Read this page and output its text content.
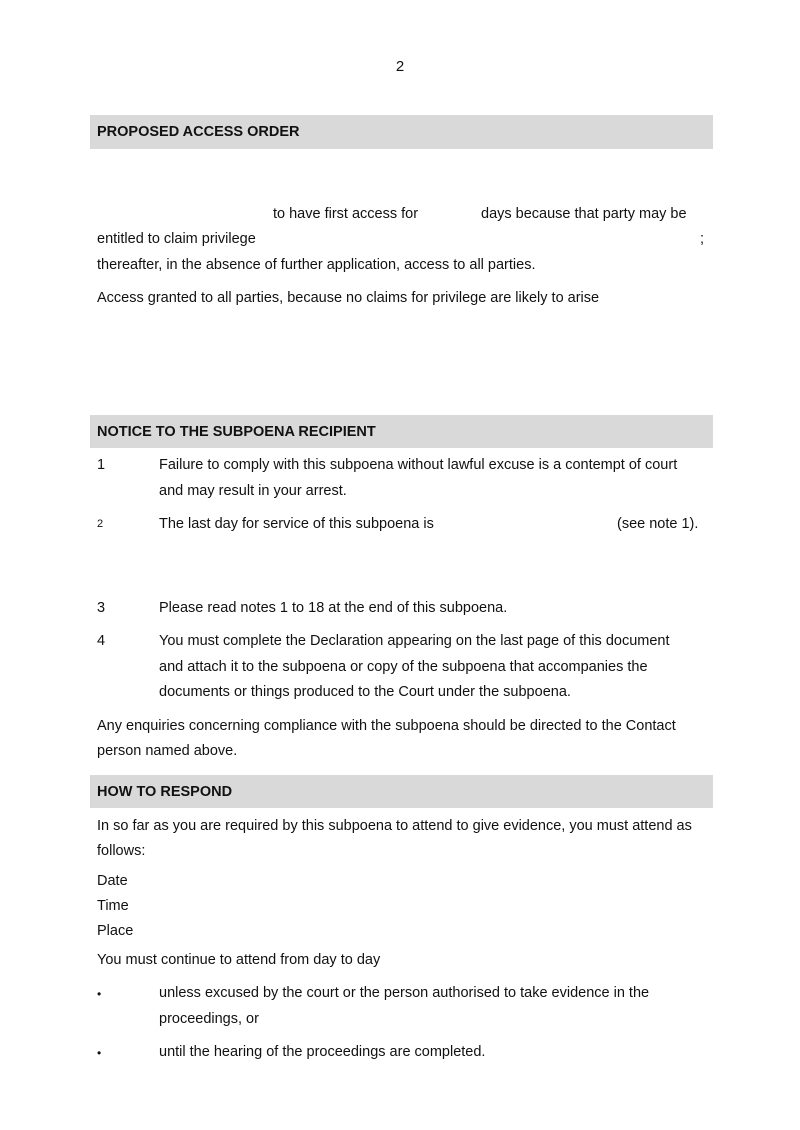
2
PROPOSED ACCESS ORDER
to have first access for	days because that party may be
entitled to claim privilege	;
thereafter, in the absence of further application, access to all parties.
Access granted to all parties, because no claims for privilege are likely to arise
NOTICE TO THE SUBPOENA RECIPIENT
1	Failure to comply with this subpoena without lawful excuse is a contempt of court
and may result in your arrest.
2	The last day for service of this subpoena is	(see note 1).
3	Please read notes 1 to 18 at the end of this subpoena.
4	You must complete the Declaration appearing on the last page of this document
and attach it to the subpoena or copy of the subpoena that accompanies the
documents or things produced to the Court under the subpoena.
Any enquiries concerning compliance with the subpoena should be directed to the Contact
person named above.
HOW TO RESPOND
In so far as you are required by this subpoena to attend to give evidence, you must attend as
follows:
Date
Time
Place
You must continue to attend from day to day
•	unless excused by the court or the person authorised to take evidence in the
proceedings, or
•	until the hearing of the proceedings are completed.
